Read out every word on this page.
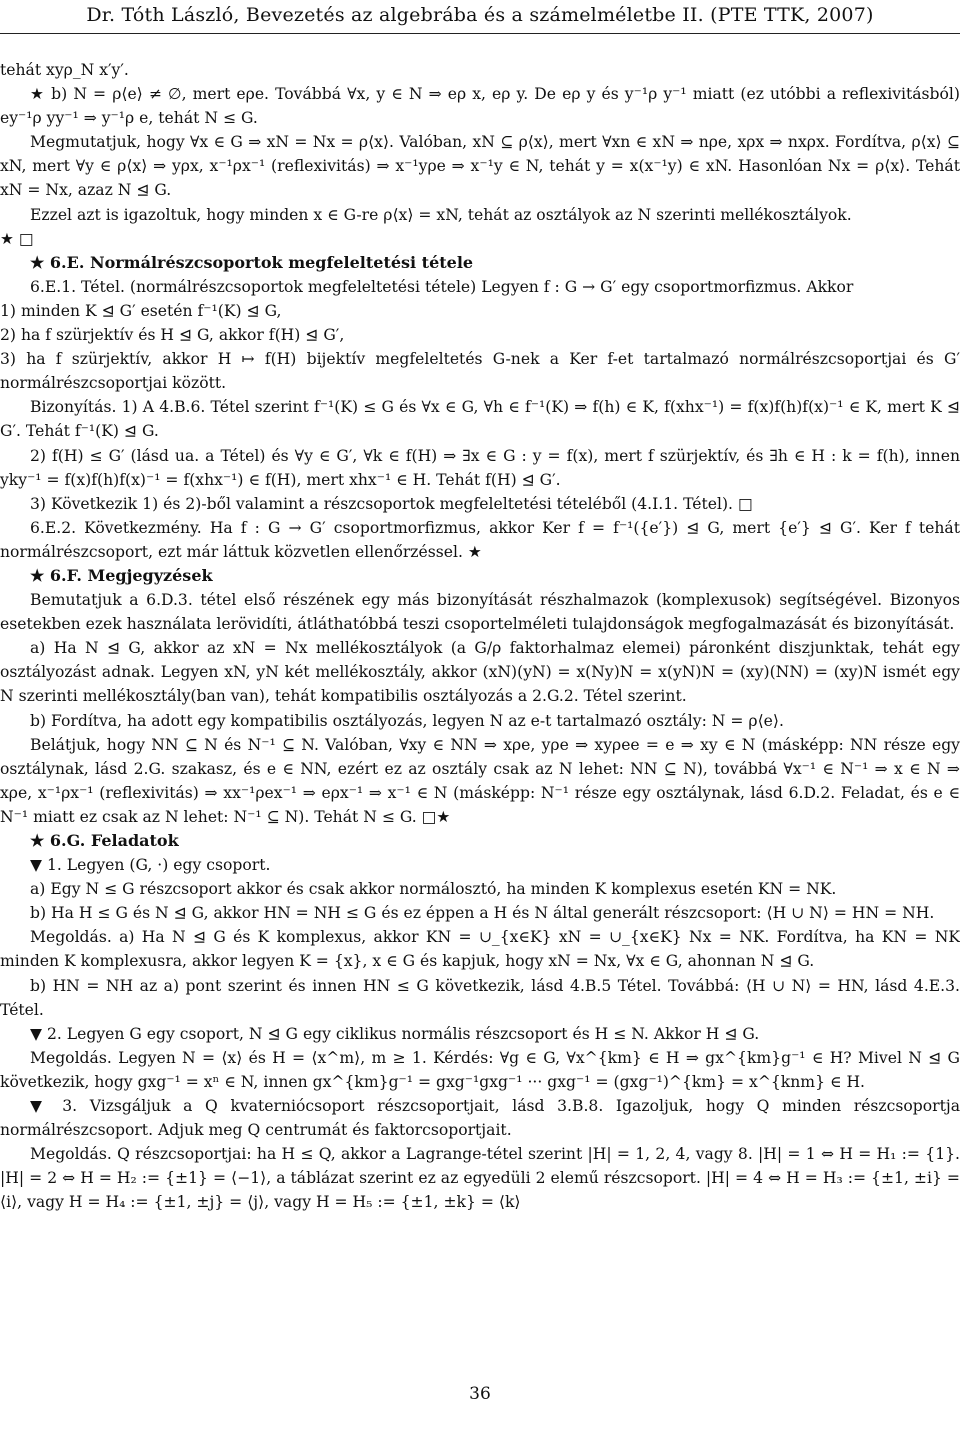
Dr. Tóth László, Bevezetés az algebrába és a számelméletbe II. (PTE TTK, 2007)

tehát xyρ_N x′y′.

★ b) N = ρ⟨e⟩ ≠ ∅, mert eρe. Továbbá ∀x, y ∈ N ⇒ eρ x, eρ y. De eρ y és y⁻¹ρ y⁻¹ miatt (ez utóbbi a reflexivitásból) ey⁻¹ρ yy⁻¹ ⇒ y⁻¹ρ e, tehát N ≤ G.

Megmutatjuk, hogy ∀x ∈ G ⇒ xN = Nx = ρ⟨x⟩. Valóban, xN ⊆ ρ⟨x⟩, mert ∀xn ∈ xN ⇒ nρe, xρx ⇒ nxρx. Fordítva, ρ⟨x⟩ ⊆ xN, mert ∀y ∈ ρ⟨x⟩ ⇒ yρx, x⁻¹ρx⁻¹ (reflexivitás) ⇒ x⁻¹yρe ⇒ x⁻¹y ∈ N, tehát y = x(x⁻¹y) ∈ xN. Hasonlóan Nx = ρ⟨x⟩. Tehát xN = Nx, azaz N ⊴ G.

Ezzel azt is igazoltuk, hogy minden x ∈ G-re ρ⟨x⟩ = xN, tehát az osztályok az N szerinti mellékosztályok.

★ □

★ 6.E. Normálrészcsoportok megfeleltetési tétele

6.E.1. Tétel. (normálrészcsoportok megfeleltetési tétele) Legyen f : G → G′ egy csoportmorfizmus. Akkor
1) minden K ⊴ G′ esetén f⁻¹(K) ⊴ G,
2) ha f szürjektív és H ⊴ G, akkor f(H) ⊴ G′,
3) ha f szürjektív, akkor H ↦ f(H) bijektív megfeleltetés G-nek a Ker f-et tartalmazó normálrészcsoportjai és G′ normálrészcsoportjai között.

Bizonyítás. 1) A 4.B.6. Tétel szerint f⁻¹(K) ≤ G és ∀x ∈ G, ∀h ∈ f⁻¹(K) ⇒ f(h) ∈ K, f(xhx⁻¹) = f(x)f(h)f(x)⁻¹ ∈ K, mert K ⊴ G′. Tehát f⁻¹(K) ⊴ G.

2) f(H) ≤ G′ (lásd ua. a Tétel) és ∀y ∈ G′, ∀k ∈ f(H) ⇒ ∃x ∈ G : y = f(x), mert f szürjektív, és ∃h ∈ H : k = f(h), innen yky⁻¹ = f(x)f(h)f(x)⁻¹ = f(xhx⁻¹) ∈ f(H), mert xhx⁻¹ ∈ H. Tehát f(H) ⊴ G′.

3) Következik 1) és 2)-ből valamint a részcsoportok megfeleltetési tételéből (4.I.1. Tétel). □

6.E.2. Következmény. Ha f : G → G′ csoportmorfizmus, akkor Ker f = f⁻¹({e′}) ⊴ G, mert {e′} ⊴ G′. Ker f tehát normálrészcsoport, ezt már láttuk közvetlen ellenőrzéssel. ★

★ 6.F. Megjegyzések

Bemutatjuk a 6.D.3. tétel első részének egy más bizonyítását részhalmazok (komplexusok) segítségével. Bizonyos esetekben ezek használata lerövidíti, átláthatóbbá teszi csoportelméleti tulajdonságok megfogalmazását és bizonyítását.

a) Ha N ⊴ G, akkor az xN = Nx mellékosztályok (a G/ρ faktorhalmaz elemei) páronként diszjunktak, tehát egy osztályozást adnak. Legyen xN, yN két mellékosztály, akkor (xN)(yN) = x(Ny)N = x(yN)N = (xy)(NN) = (xy)N ismét egy N szerinti mellékosztály(ban van), tehát kompatibilis osztályozás a 2.G.2. Tétel szerint.

b) Fordítva, ha adott egy kompatibilis osztályozás, legyen N az e-t tartalmazó osztály: N = ρ⟨e⟩.

Belátjuk, hogy NN ⊆ N és N⁻¹ ⊆ N. Valóban, ∀xy ∈ NN ⇒ xρe, yρe ⇒ xyρee = e ⇒ xy ∈ N (másképp: NN része egy osztálynak, lásd 2.G. szakasz, és e ∈ NN, ezért ez az osztály csak az N lehet: NN ⊆ N), továbbá ∀x⁻¹ ∈ N⁻¹ ⇒ x ∈ N ⇒ xρe, x⁻¹ρx⁻¹ (reflexivitás) ⇒ xx⁻¹ρex⁻¹ ⇒ eρx⁻¹ ⇒ x⁻¹ ∈ N (másképp: N⁻¹ része egy osztálynak, lásd 6.D.2. Feladat, és e ∈ N⁻¹ miatt ez csak az N lehet: N⁻¹ ⊆ N). Tehát N ≤ G. □★

★ 6.G. Feladatok

▼ 1. Legyen (G, ·) egy csoport.

a) Egy N ≤ G részcsoport akkor és csak akkor normálosztó, ha minden K komplexus esetén KN = NK.

b) Ha H ≤ G és N ⊴ G, akkor HN = NH ≤ G és ez éppen a H és N által generált részcsoport: ⟨H ∪ N⟩ = HN = NH.

Megoldás. a) Ha N ⊴ G és K komplexus, akkor KN = ∪_{x∈K} xN = ∪_{x∈K} Nx = NK. Fordítva, ha KN = NK minden K komplexusra, akkor legyen K = {x}, x ∈ G és kapjuk, hogy xN = Nx, ∀x ∈ G, ahonnan N ⊴ G.

b) HN = NH az a) pont szerint és innen HN ≤ G következik, lásd 4.B.5 Tétel. Továbbá: ⟨H ∪ N⟩ = HN, lásd 4.E.3. Tétel.

▼ 2. Legyen G egy csoport, N ⊴ G egy ciklikus normális részcsoport és H ≤ N. Akkor H ⊴ G.

Megoldás. Legyen N = ⟨x⟩ és H = ⟨x^m⟩, m ≥ 1. Kérdés: ∀g ∈ G, ∀x^{km} ∈ H ⇒ gx^{km}g⁻¹ ∈ H? Mivel N ⊴ G következik, hogy gxg⁻¹ = xⁿ ∈ N, innen gx^{km}g⁻¹ = gxg⁻¹gxg⁻¹ ··· gxg⁻¹ = (gxg⁻¹)^{km} = x^{knm} ∈ H.

▼ 3. Vizsgáljuk a Q kvaterniócsoport részcsoportjait, lásd 3.B.8. Igazoljuk, hogy Q minden részcsoportja normálrészcsoport. Adjuk meg Q centrumát és faktorcsoportjait.

Megoldás. Q részcsoportjai: ha H ≤ Q, akkor a Lagrange-tétel szerint |H| = 1, 2, 4, vagy 8. |H| = 1 ⇔ H = H₁ := {1}. |H| = 2 ⇔ H = H₂ := {±1} = ⟨−1⟩, a táblázat szerint ez az egyedüli 2 elemű részcsoport. |H| = 4 ⇔ H = H₃ := {±1, ±i} = ⟨i⟩, vagy H = H₄ := {±1, ±j} = ⟨j⟩, vagy H = H₅ := {±1, ±k} = ⟨k⟩

36
